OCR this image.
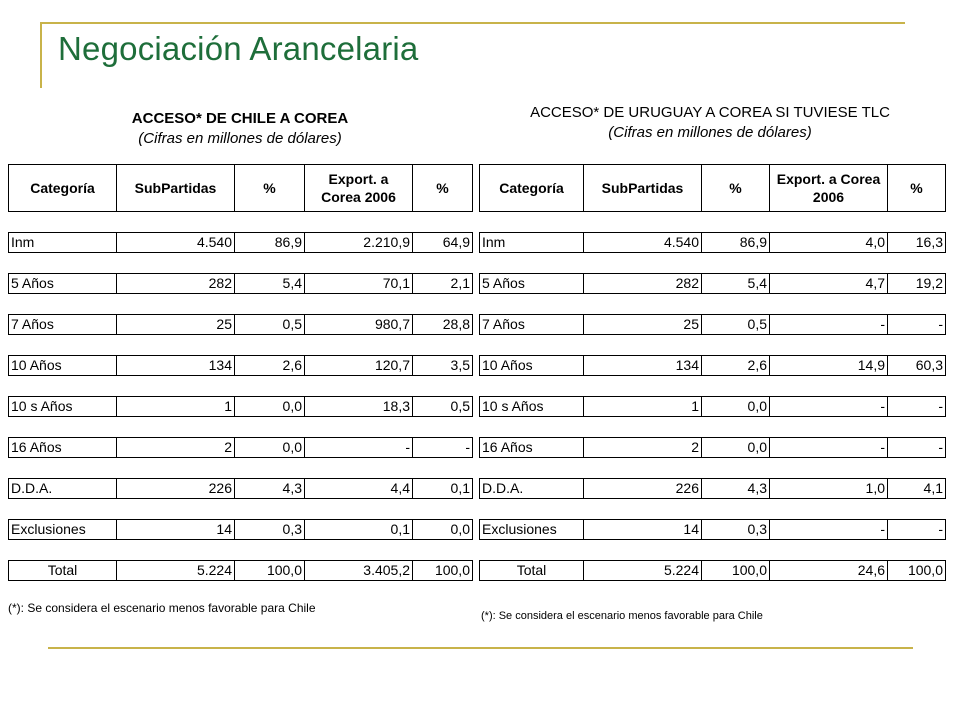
Negociación Arancelaria
ACCESO* DE CHILE A COREA
(Cifras en millones de dólares)
ACCESO* DE URUGUAY A COREA SI TUVIESE TLC
(Cifras en millones de dólares)
Categoría	SubPartidas	%	Export. a Corea 2006	%

Inm	4.540	86,9	2.210,9	64,9

5 Años	282	5,4	70,1	2,1

7 Años	25	0,5	980,7	28,8

10 Años	134	2,6	120,7	3,5

10 s Años	1	0,0	18,3	0,5

16 Años	2	0,0	-	-

D.D.A.	226	4,3	4,4	0,1

Exclusiones	14	0,3	0,1	0,0

Total	5.224	100,0	3.405,2	100,0
Categoría	SubPartidas	%	Export. a Corea 2006	%

Inm	4.540	86,9	4,0	16,3

5 Años	282	5,4	4,7	19,2

7 Años	25	0,5	-	-

10 Años	134	2,6	14,9	60,3

10 s Años	1	0,0	-	-

16 Años	2	0,0	-	-

D.D.A.	226	4,3	1,0	4,1

Exclusiones	14	0,3	-	-

Total	5.224	100,0	24,6	100,0
(*): Se considera el escenario menos favorable para Chile
(*): Se considera el escenario menos favorable para Chile
